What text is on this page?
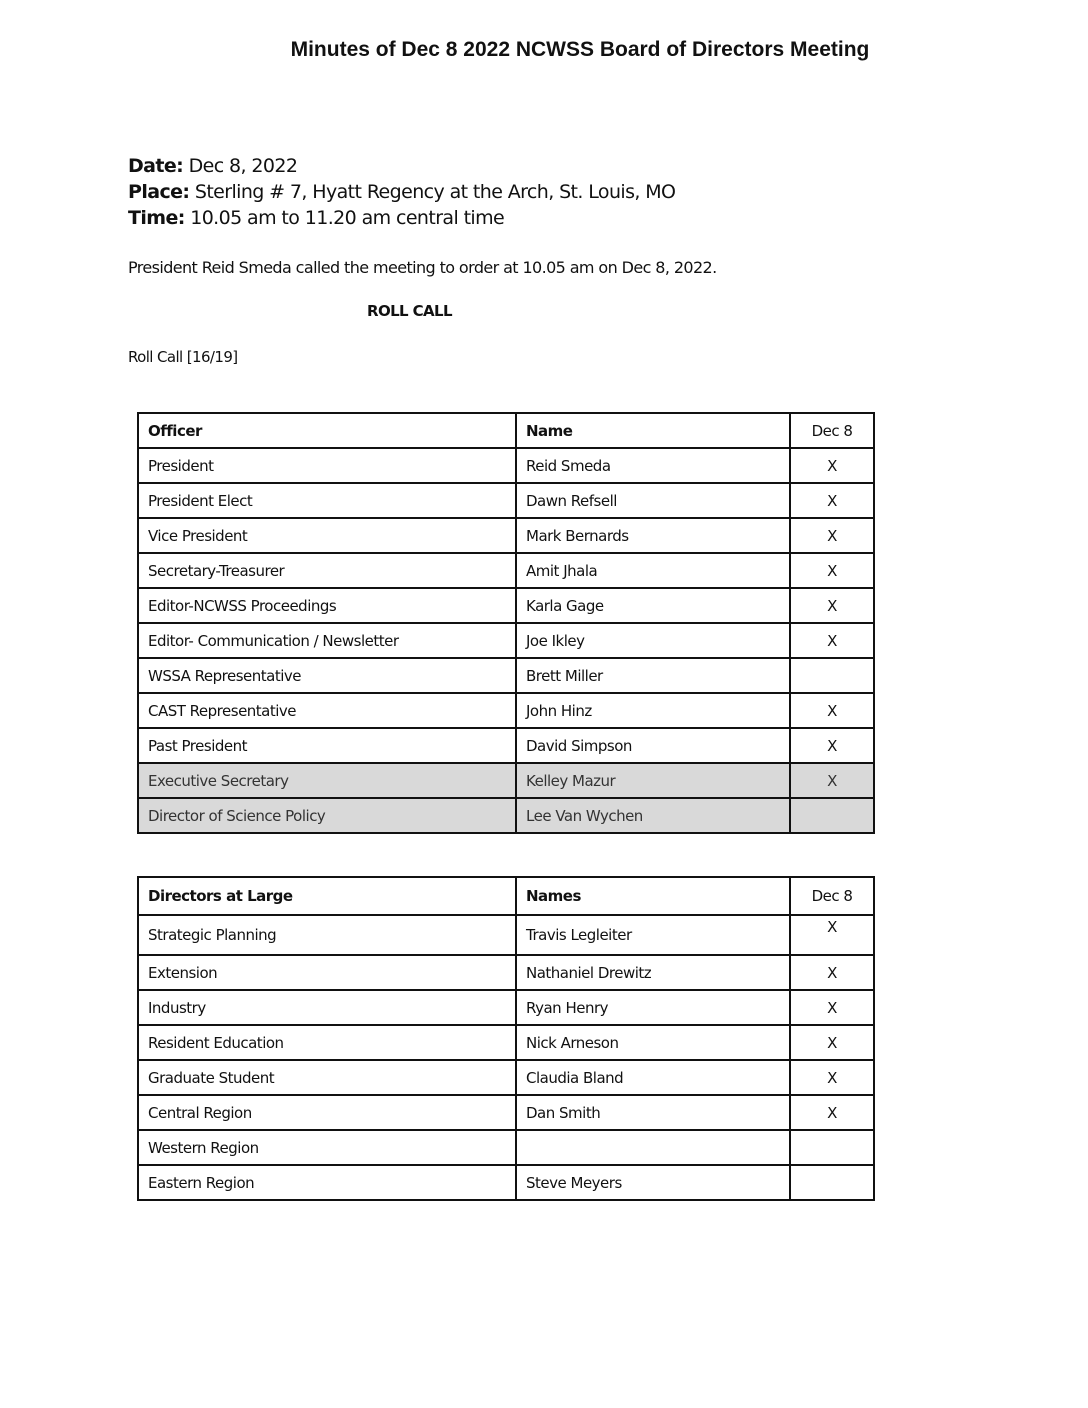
Minutes of Dec 8 2022 NCWSS Board of Directors Meeting
Date: Dec 8, 2022
Place: Sterling # 7, Hyatt Regency at the Arch, St. Louis, MO
Time: 10.05 am to 11.20 am central time
President Reid Smeda called the meeting to order at 10.05 am on Dec 8, 2022.
ROLL CALL
Roll Call [16/19]
Officer	Name	Dec 8
President	Reid Smeda	X
President Elect	Dawn Refsell	X
Vice President	Mark Bernards	X
Secretary-Treasurer	Amit Jhala	X
Editor-NCWSS Proceedings	Karla Gage	X
Editor- Communication / Newsletter	Joe Ikley	X
WSSA Representative	Brett Miller	
CAST Representative	John Hinz	X
Past President	David Simpson	X
Executive Secretary	Kelley Mazur	X
Director of Science Policy	Lee Van Wychen	
Directors at Large	Names	Dec 8
Strategic Planning	Travis Legleiter	X
Extension	Nathaniel Drewitz	X
Industry	Ryan Henry	X
Resident Education	Nick Arneson	X
Graduate Student	Claudia Bland	X
Central Region	Dan Smith	X
Western Region		
Eastern Region	Steve Meyers	
